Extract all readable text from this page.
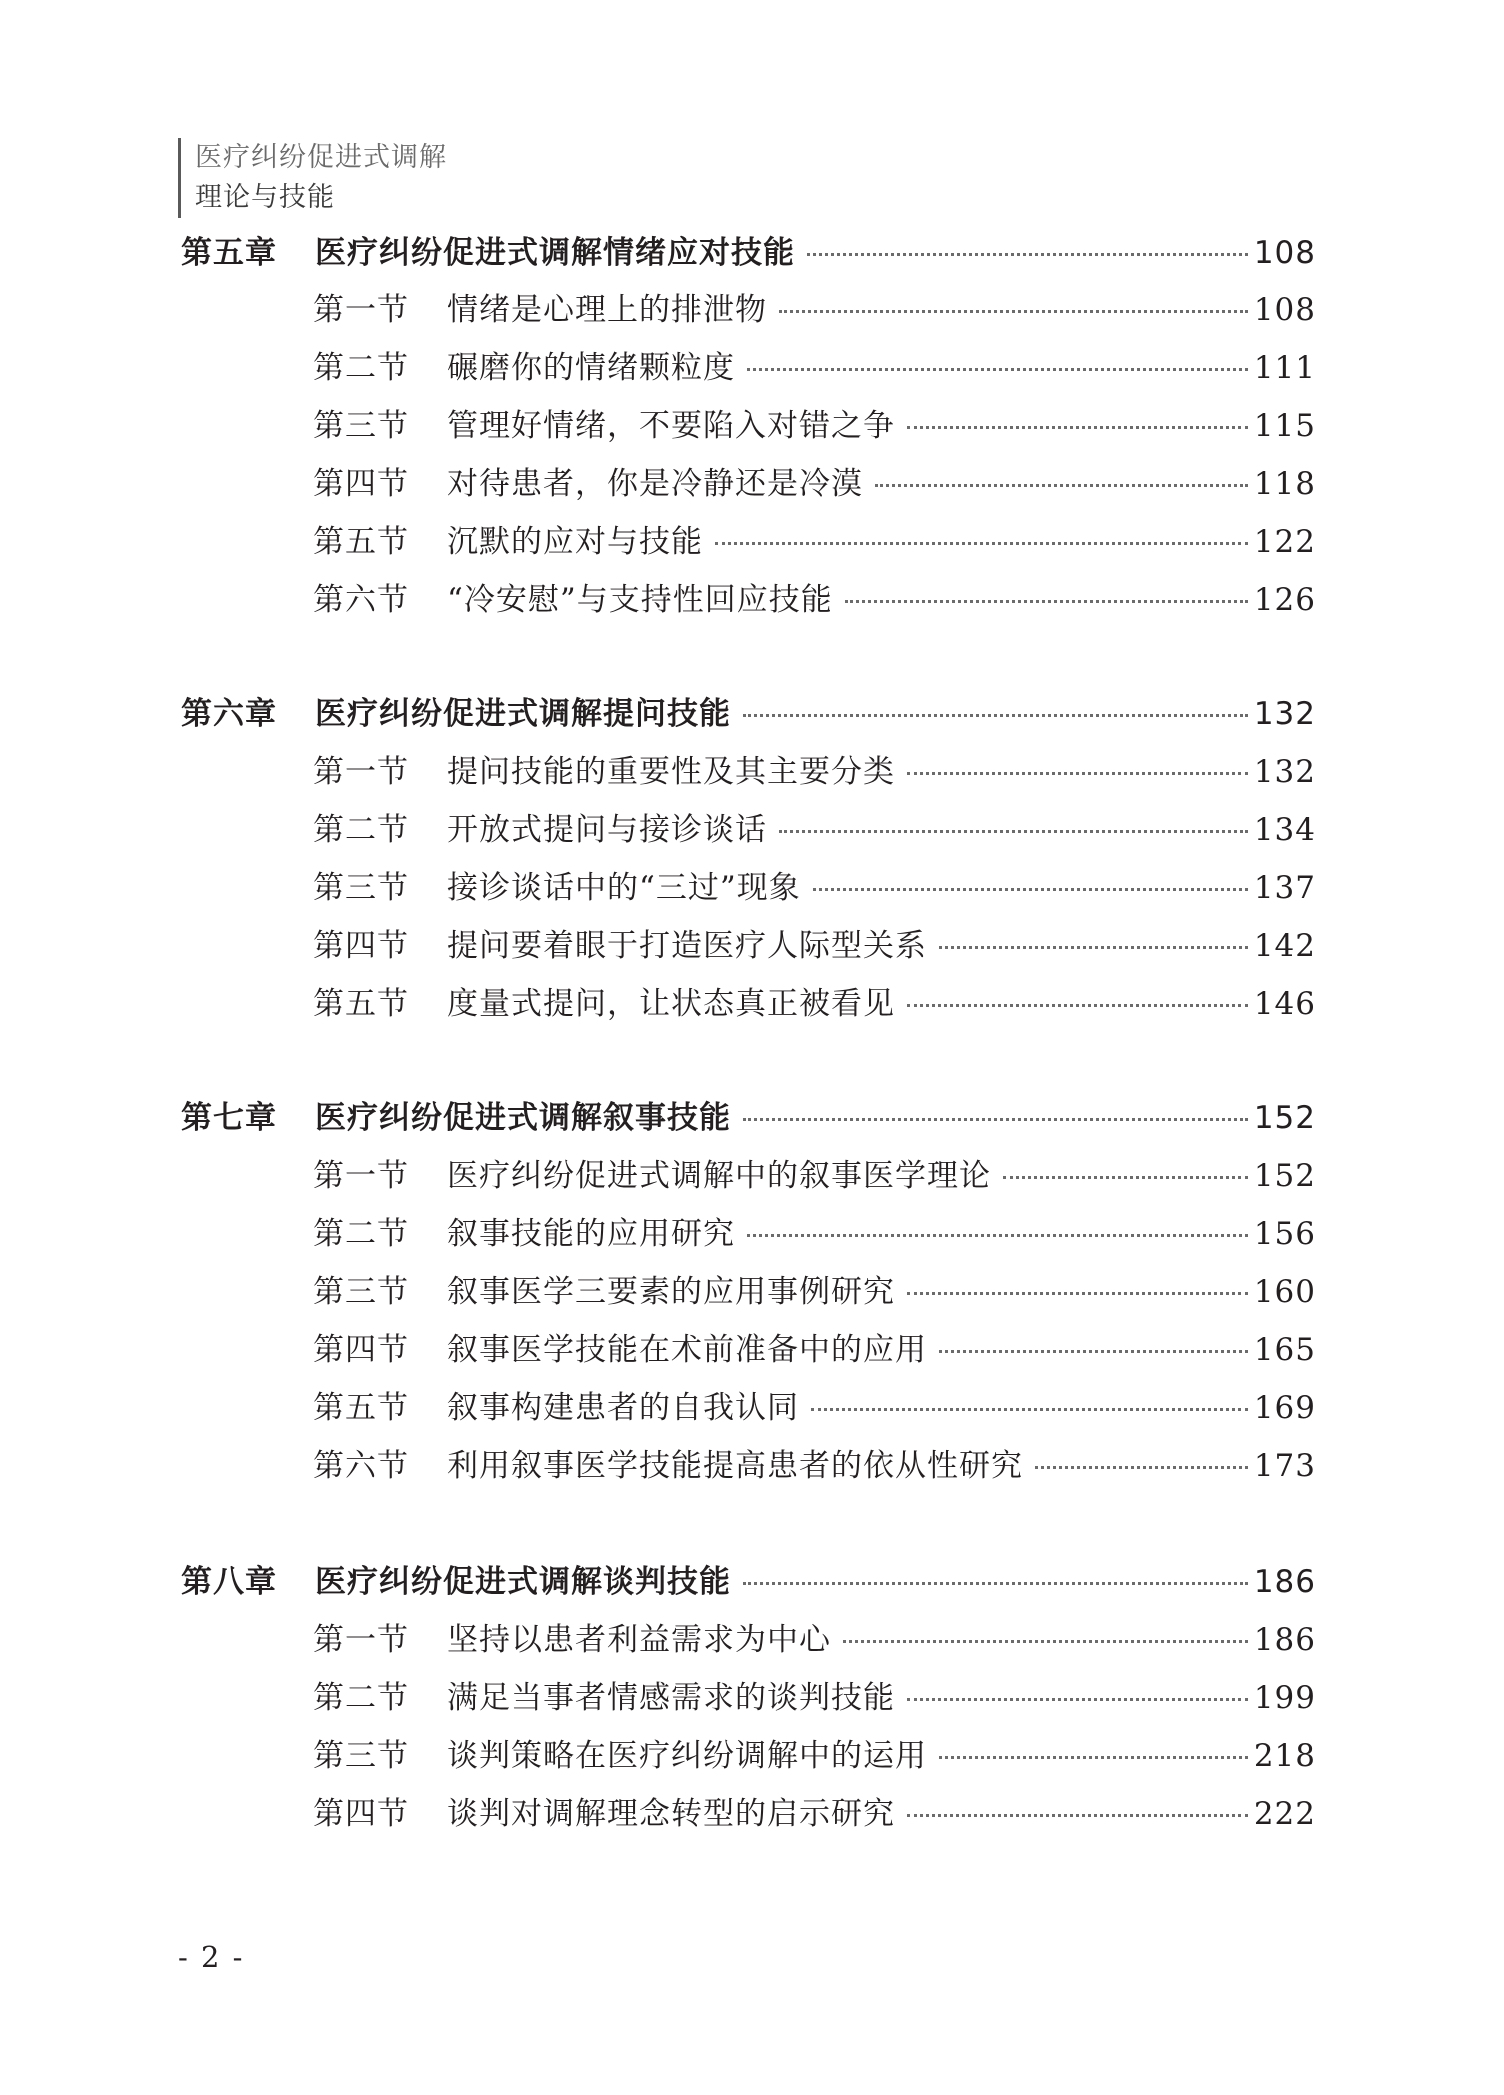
医疗纠纷促进式调解
理论与技能
第五章	医疗纠纷促进式调解情绪应对技能	108
第一节	情绪是心理上的排泄物	108
第二节	碾磨你的情绪颗粒度	111
第三节	管理好情绪，不要陷入对错之争	115
第四节	对待患者，你是冷静还是冷漠	118
第五节	沉默的应对与技能	122
第六节	“冷安慰”与支持性回应技能	126
第六章	医疗纠纷促进式调解提问技能	132
第一节	提问技能的重要性及其主要分类	132
第二节	开放式提问与接诊谈话	134
第三节	接诊谈话中的“三过”现象	137
第四节	提问要着眼于打造医疗人际型关系	142
第五节	度量式提问，让状态真正被看见	146
第七章	医疗纠纷促进式调解叙事技能	152
第一节	医疗纠纷促进式调解中的叙事医学理论	152
第二节	叙事技能的应用研究	156
第三节	叙事医学三要素的应用事例研究	160
第四节	叙事医学技能在术前准备中的应用	165
第五节	叙事构建患者的自我认同	169
第六节	利用叙事医学技能提高患者的依从性研究	173
第八章	医疗纠纷促进式调解谈判技能	186
第一节	坚持以患者利益需求为中心	186
第二节	满足当事者情感需求的谈判技能	199
第三节	谈判策略在医疗纠纷调解中的运用	218
第四节	谈判对调解理念转型的启示研究	222
- 2 -
